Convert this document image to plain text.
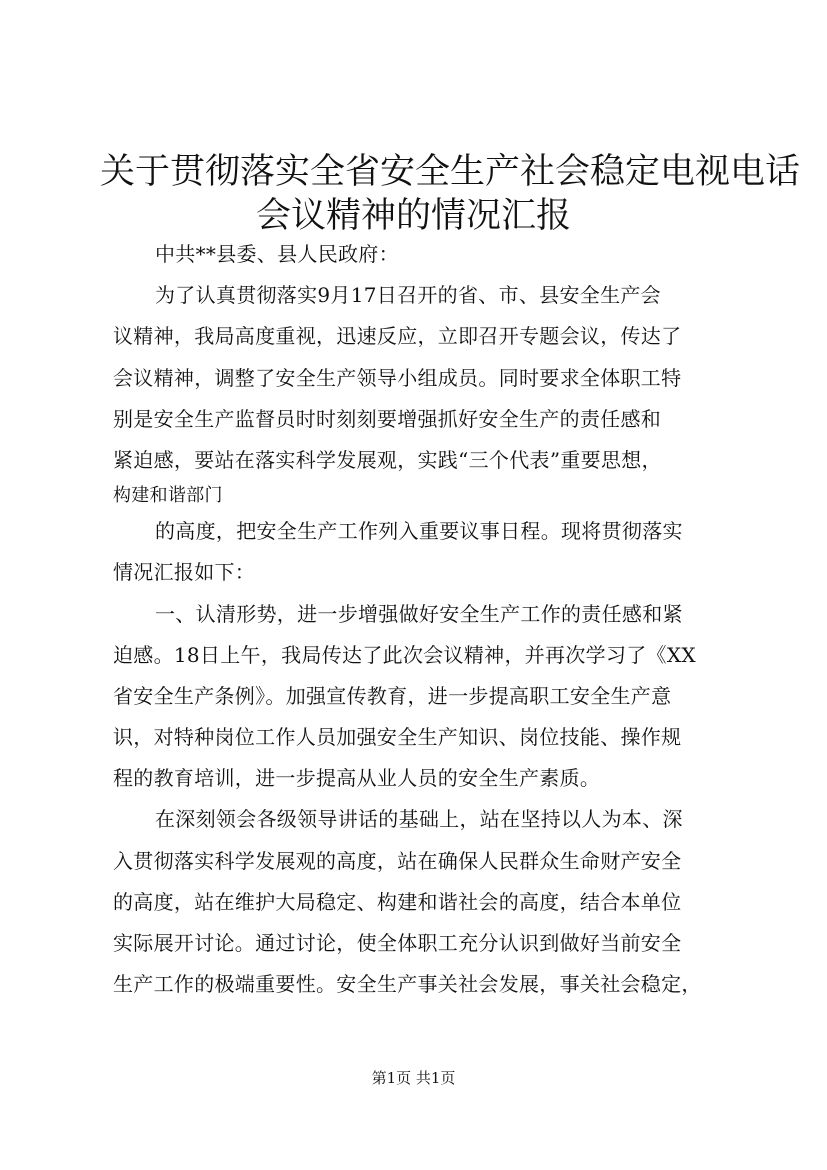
关于贯彻落实全省安全生产社会稳定电视电话
会议精神的情况汇报
中共**县委、县人民政府：
为了认真贯彻落实9月17日召开的省、市、县安全生产会
议精神，我局高度重视，迅速反应，立即召开专题会议，传达了
会议精神，调整了安全生产领导小组成员。同时要求全体职工特
别是安全生产监督员时时刻刻要增强抓好安全生产的责任感和
紧迫感，要站在落实科学发展观，实践“三个代表”重要思想，
构建和谐部门
的高度，把安全生产工作列入重要议事日程。现将贯彻落实
情况汇报如下：
一、认清形势，进一步增强做好安全生产工作的责任感和紧
迫感。18日上午，我局传达了此次会议精神，并再次学习了《XX
省安全生产条例》。加强宣传教育，进一步提高职工安全生产意
识，对特种岗位工作人员加强安全生产知识、岗位技能、操作规
程的教育培训，进一步提高从业人员的安全生产素质。
在深刻领会各级领导讲话的基础上，站在坚持以人为本、深
入贯彻落实科学发展观的高度，站在确保人民群众生命财产安全
的高度，站在维护大局稳定、构建和谐社会的高度，结合本单位
实际展开讨论。通过讨论，使全体职工充分认识到做好当前安全
生产工作的极端重要性。安全生产事关社会发展，事关社会稳定，
第1页 共1页
